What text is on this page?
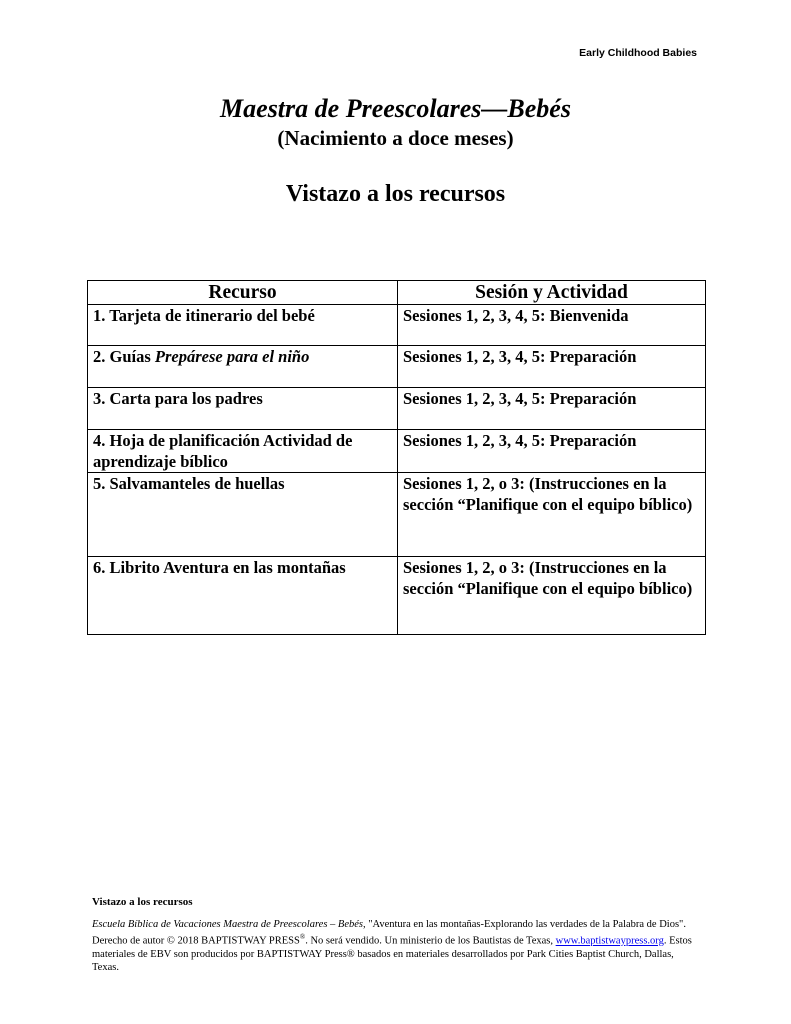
Early Childhood Babies
Maestra de Preescolares—Bebés
(Nacimiento a doce meses)
Vistazo a los recursos
Recurso	Sesión y Actividad
1. Tarjeta de itinerario del bebé	Sesiones 1, 2, 3, 4, 5: Bienvenida
2. Guías Prepárese para el niño	Sesiones 1, 2, 3, 4, 5: Preparación
3. Carta para los padres	Sesiones 1, 2, 3, 4, 5: Preparación
4. Hoja de planificación Actividad de aprendizaje bíblico	Sesiones 1, 2, 3, 4, 5: Preparación
5. Salvamanteles de huellas	Sesiones 1, 2, o 3: (Instrucciones en la sección “Planifique con el equipo bíblico)
6. Librito Aventura en las montañas	Sesiones 1, 2, o 3: (Instrucciones en la sección “Planifique con el equipo bíblico)
Vistazo a los recursos
Escuela Bíblica de Vacaciones Maestra de Preescolares – Bebés, "Aventura en las montañas-Explorando las verdades de la Palabra de Dios". Derecho de autor © 2018 BAPTISTWAY PRESS®. No será vendido. Un ministerio de los Bautistas de Texas, www.baptistwaypress.org. Estos materiales de EBV son producidos por BAPTISTWAY Press® basados en materiales desarrollados por Park Cities Baptist Church, Dallas, Texas.
